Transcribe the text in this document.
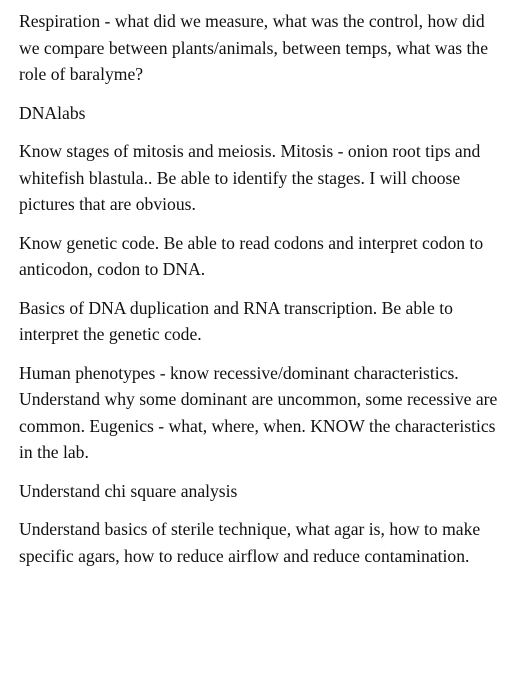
Respiration - what did we measure, what was the control, how did we compare between plants/animals, between temps, what was the role of baralyme?

DNAlabs

Know stages of mitosis and meiosis. Mitosis - onion root tips and whitefish blastula.. Be able to identify the stages. I will choose pictures that are obvious.

Know genetic code. Be able to read codons and interpret codon to anticodon, codon to DNA.

Basics of DNA duplication and RNA transcription. Be able to interpret the genetic code.

Human phenotypes - know recessive/dominant characteristics. Understand why some dominant are uncommon, some recessive are common. Eugenics - what, where, when. KNOW the characteristics in the lab.

Understand chi square analysis

Understand basics of sterile technique, what agar is, how to make specific agars, how to reduce airflow and reduce contamination.
